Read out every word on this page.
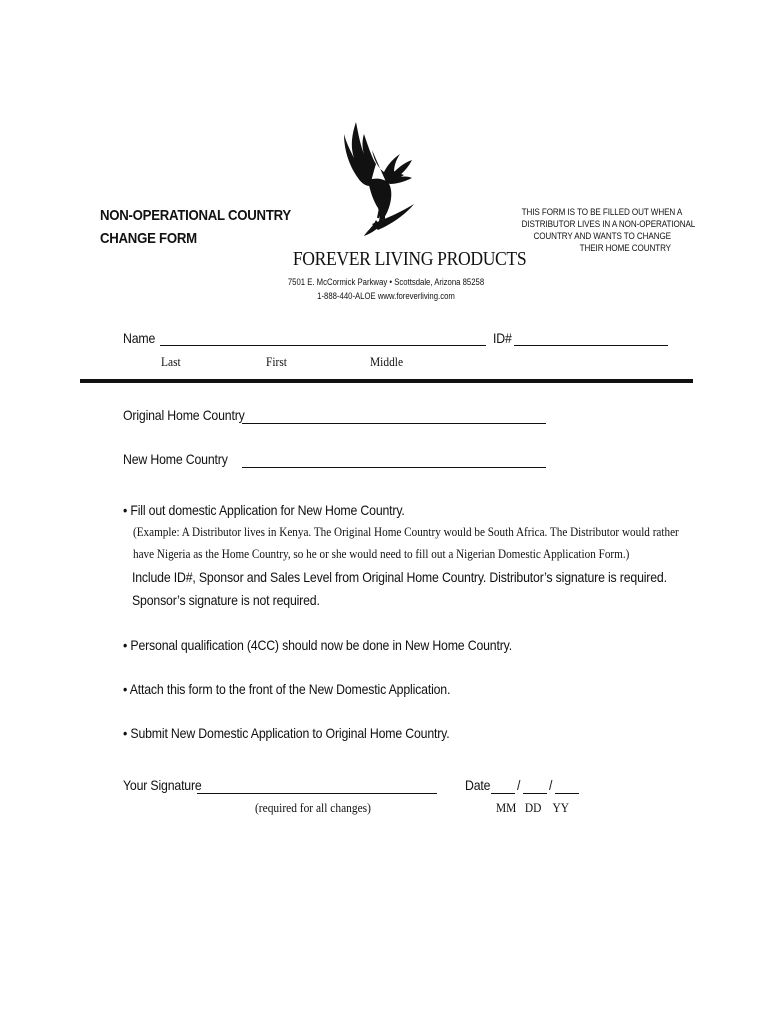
NON-OPERATIONAL COUNTRY
CHANGE FORM
FOREVER LIVING PRODUCTS
7501 E. McCormick Parkway • Scottsdale, Arizona 85258
1-888-440-ALOE www.foreverliving.com
THIS FORM IS TO BE FILLED OUT WHEN A
DISTRIBUTOR LIVES IN A NON-OPERATIONAL
COUNTRY AND WANTS TO CHANGE
THEIR HOME COUNTRY
Name	ID#
Last	First	Middle
Original Home Country
New Home Country
• Fill out domestic Application for New Home Country.
(Example: A Distributor lives in Kenya. The Original Home Country would be South Africa. The Distributor would rather
have Nigeria as the Home Country, so he or she would need to fill out a Nigerian Domestic Application Form.)
Include ID#, Sponsor and Sales Level from Original Home Country. Distributor’s signature is required.
Sponsor’s signature is not required.
• Personal qualification (4CC) should now be done in New Home Country.
• Attach this form to the front of the New Domestic Application.
• Submit New Domestic Application to Original Home Country.
Your Signature
(required for all changes)
Date / /
MM   DD    YY
